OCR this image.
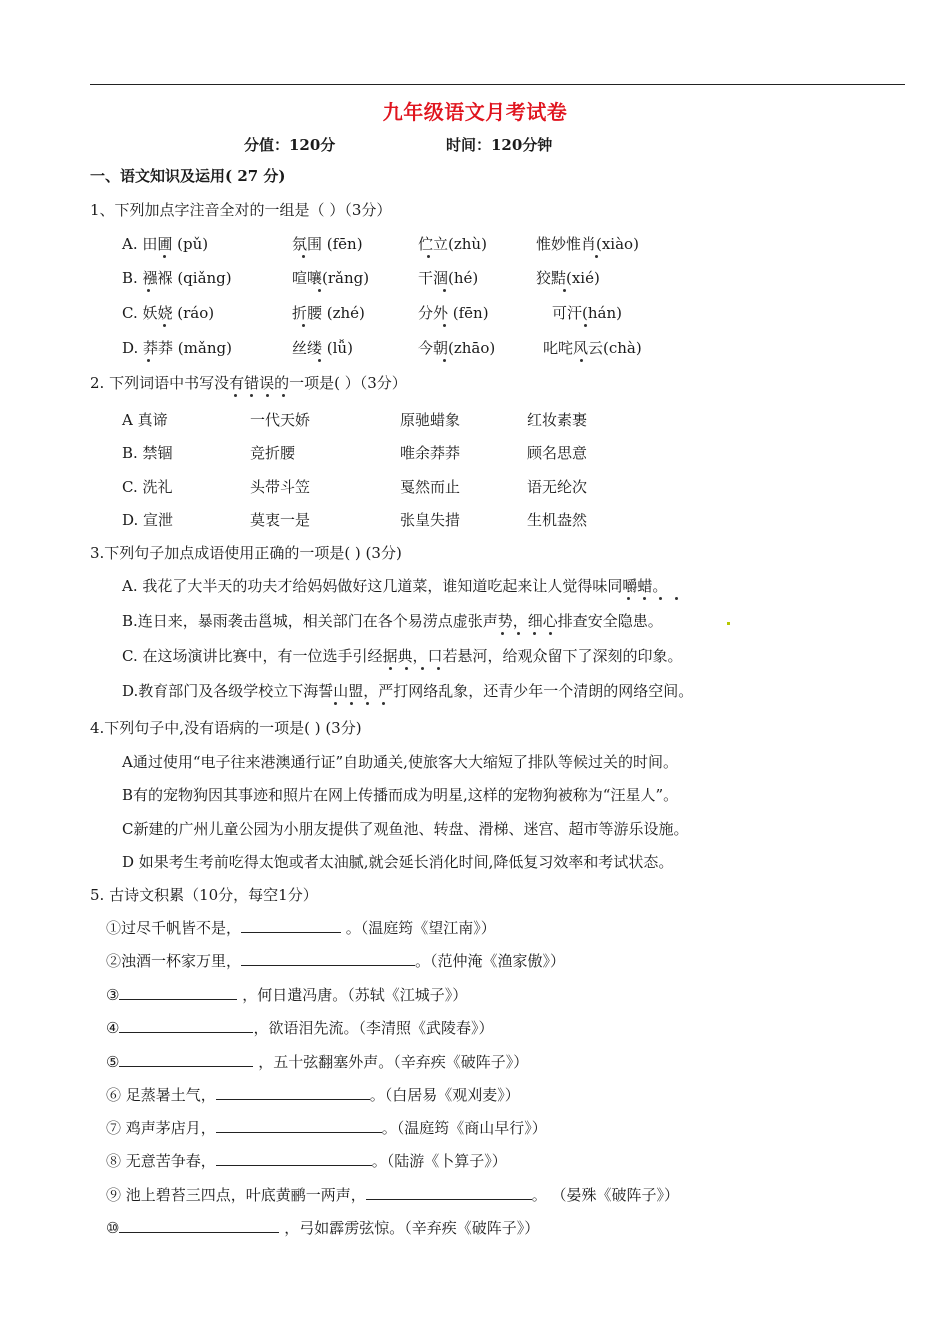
九年级语文月考试卷
分值：120分	时间：120分钟
一、语文知识及运用( 27 分)
1、下列加点字注音全对的一组是（ ）（3分）
A. 田圃 (pǔ)	氛围 (fēn)	伫立(zhù)	惟妙惟肖(xiào)
B. 襁褓 (qiǎng)	喧嚷(rǎng)	干涸(hé)	狡黠(xié)
C. 妖娆 (ráo)	折腰 (zhé)	分外 (fēn)	可汗(hán)
D. 莽莽 (mǎng)	丝缕 (lǚ)	今朝(zhāo)	叱咤风云(chà)
2. 下列词语中书写没有错误的一项是( ）（3分）
A 真谛	一代天娇	原驰蜡象	红妆素裹
B. 禁锢	竞折腰	唯余莽莽	顾名思意
C. 洗礼	头带斗笠	戛然而止	语无纶次
D. 宣泄	莫衷一是	张皇失措	生机盎然
3.下列句子加点成语使用正确的一项是( ) (3分)
A. 我花了大半天的功夫才给妈妈做好这几道菜，谁知道吃起来让人觉得味同嚼蜡。
B.连日来，暴雨袭击邕城，相关部门在各个易涝点虚张声势，细心排查安全隐患。
C. 在这场演讲比赛中，有一位选手引经据典，口若悬河，给观众留下了深刻的印象。
D.教育部门及各级学校立下海誓山盟，严打网络乱象，还青少年一个清朗的网络空间。
4.下列句子中,没有语病的一项是( ) (3分)
A通过使用“电子往来港澳通行证”自助通关,使旅客大大缩短了排队等候过关的时间。
B有的宠物狗因其事迹和照片在网上传播而成为明星,这样的宠物狗被称为“汪星人”。
C新建的广州儿童公园为小朋友提供了观鱼池、转盘、滑梯、迷宫、超市等游乐设施。
D 如果考生考前吃得太饱或者太油腻,就会延长消化时间,降低复习效率和考试状态。
5. 古诗文积累（10分，每空1分）
①过尽千帆皆不是，	。（温庭筠《望江南》）
②浊酒一杯家万里，	。（范仲淹《渔家傲》）
③	，何日遣冯唐。（苏轼《江城子》）
④	，欲语泪先流。（李清照《武陵春》）
⑤	，五十弦翻塞外声。（辛弃疾《破阵子》）
⑥ 足蒸暑土气，	。（白居易《观刈麦》）
⑦ 鸡声茅店月，	。（温庭筠《商山早行》）
⑧ 无意苦争春，	。（陆游《卜算子》）
⑨ 池上碧苔三四点，叶底黄鹂一两声，	。 （晏殊《破阵子》）
⑩	，弓如霹雳弦惊。（辛弃疾《破阵子》）
